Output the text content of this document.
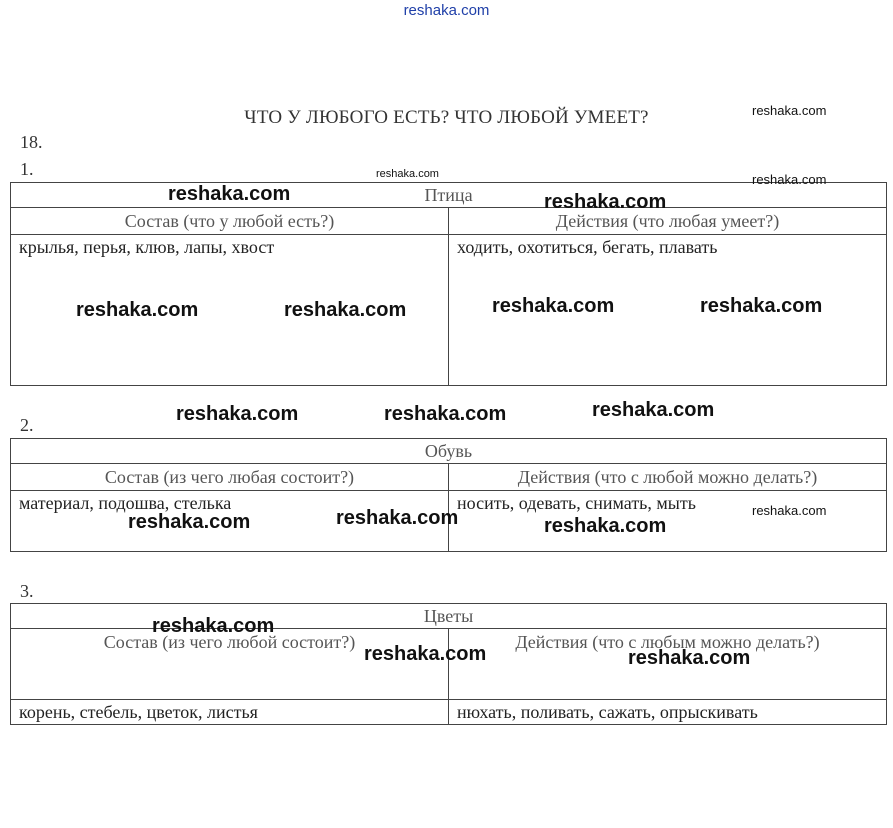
reshaka.com
ЧТО У ЛЮБОГО ЕСТЬ? ЧТО ЛЮБОЙ УМЕЕТ?
18.
1.
Птица	
Состав (что у любой есть?)	Действия (что любая умеет?)
крылья, перья, клюв, лапы, хвост	ходить, охотиться, бегать, плавать
2.
Обувь	
Состав (из чего любая состоит?)	Действия (что с любой можно делать?)
материал, подошва, стелька	носить, одевать, снимать, мыть
3.
Цветы	
Состав (из чего любой состоит?)	Действия (что с любым можно делать?)
корень, стебель, цветок, листья	нюхать, поливать, сажать, опрыскивать
reshaka.com
reshaka.com	reshaka.com
reshaka.com	reshaka.com
reshaka.com	reshaka.com	reshaka.com	reshaka.com
reshaka.com	reshaka.com	reshaka.com
reshaka.com
reshaka.com	reshaka.com	reshaka.com
reshaka.com
reshaka.com	reshaka.com
